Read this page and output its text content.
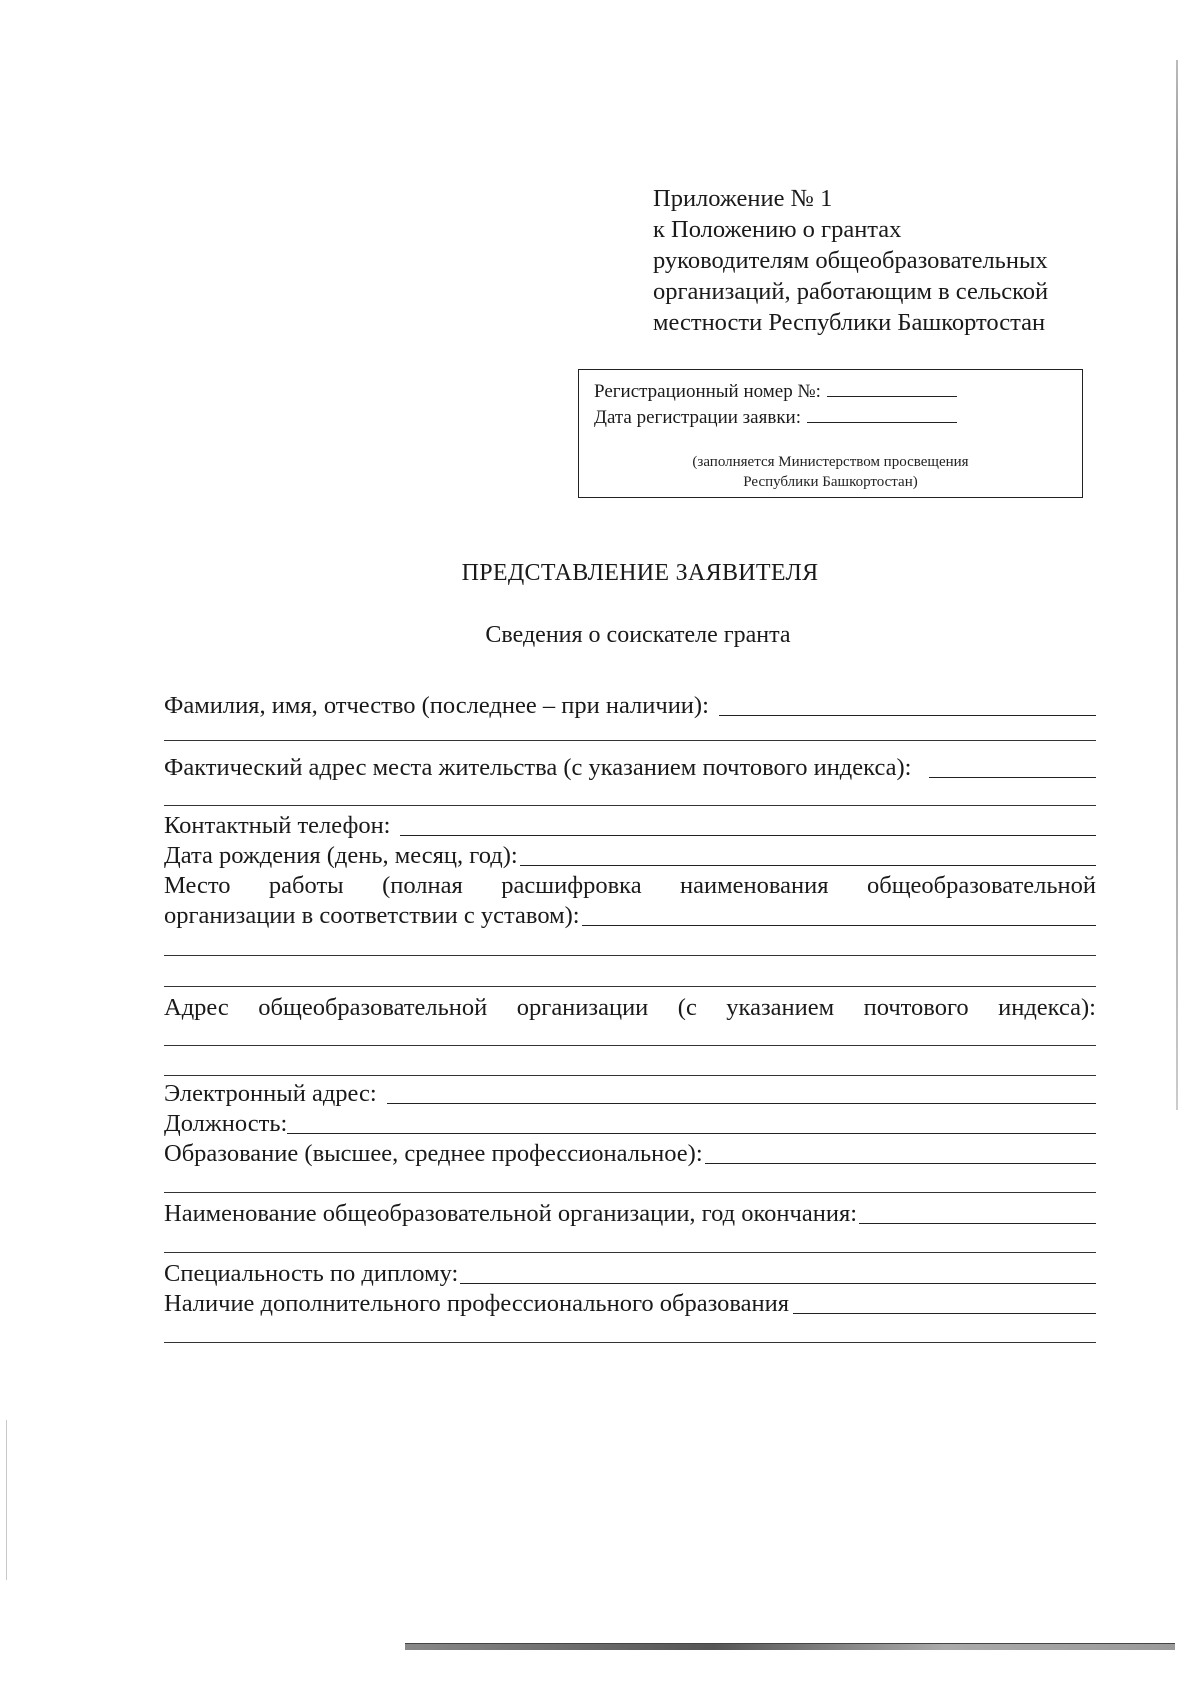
Приложение № 1
к Положению о грантах
руководителям общеобразовательных
организаций, работающим в сельской
местности Республики Башкортостан
Регистрационный номер №:
Дата регистрации заявки:
(заполняется Министерством просвещения
Республики Башкортостан)
ПРЕДСТАВЛЕНИЕ ЗАЯВИТЕЛЯ
Сведения о соискателе гранта
Фамилия, имя, отчество (последнее – при наличии):
Фактический адрес места жительства (с указанием почтового индекса):
Контактный телефон:
Дата рождения (день, месяц, год):
Место работы (полная расшифровка наименования общеобразовательной
организации в соответствии с уставом):
Адрес общеобразовательной организации (с указанием почтового индекса):
Электронный адрес:
Должность:
Образование (высшее, среднее профессиональное):
Наименование общеобразовательной организации, год окончания:
Специальность по диплому:
Наличие дополнительного профессионального образования
